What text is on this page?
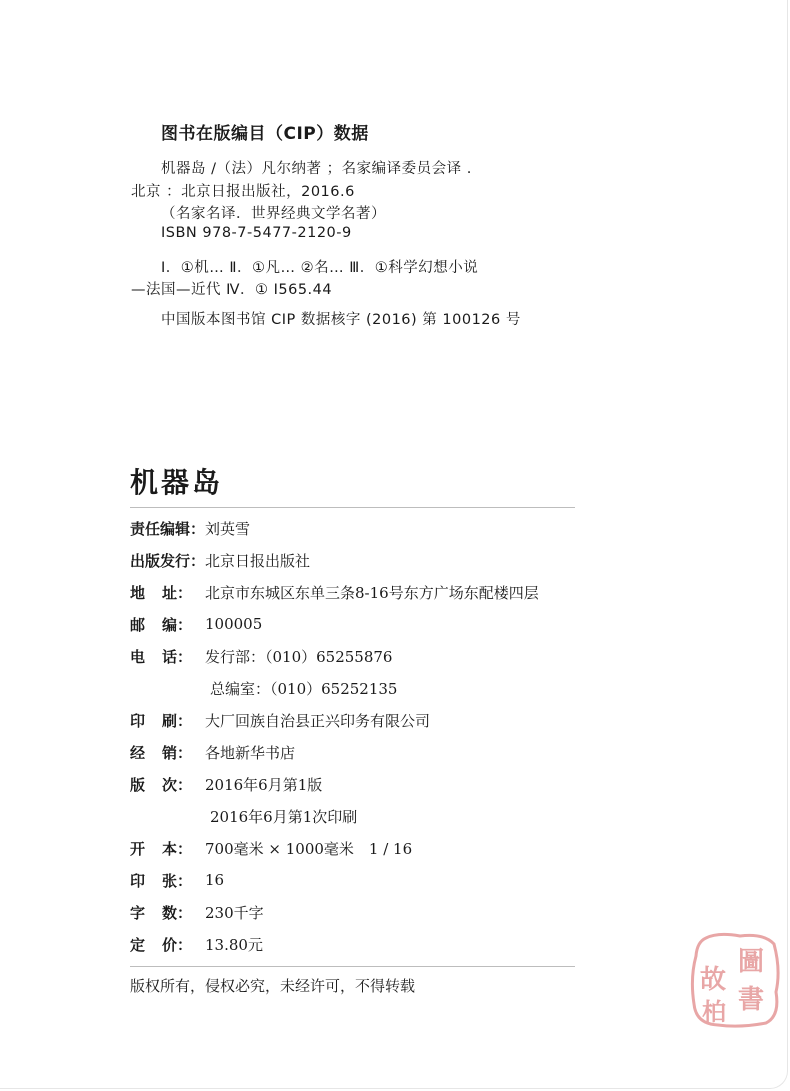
图书在版编目（CIP）数据
机器岛 /（法）凡尔纳著 ；名家编译委员会译 .
北京 ：北京日报出版社，2016.6
（名家名译．世界经典文学名著）
ISBN 978-7-5477-2120-9
Ⅰ．①机… Ⅱ．①凡… ②名… Ⅲ．①科学幻想小说
—法国—近代 Ⅳ．① I565.44
中国版本图书馆 CIP 数据核字 (2016) 第 100126 号
机器岛
责任编辑： 刘英雪
出版发行： 北京日报出版社
地 址： 北京市东城区东单三条8-16号东方广场东配楼四层
邮 编： 100005
电 话： 发行部：（010）65255876
总编室：（010）65252135
印 刷： 大厂回族自治县正兴印务有限公司
经 销： 各地新华书店
版 次： 2016年6月第1版
2016年6月第1次印刷
开 本： 700毫米 × 1000毫米　1 / 16
印 张： 16
字 数： 230千字
定 价： 13.80元
版权所有，侵权必究，未经许可，不得转载
圖
書
故
柏
